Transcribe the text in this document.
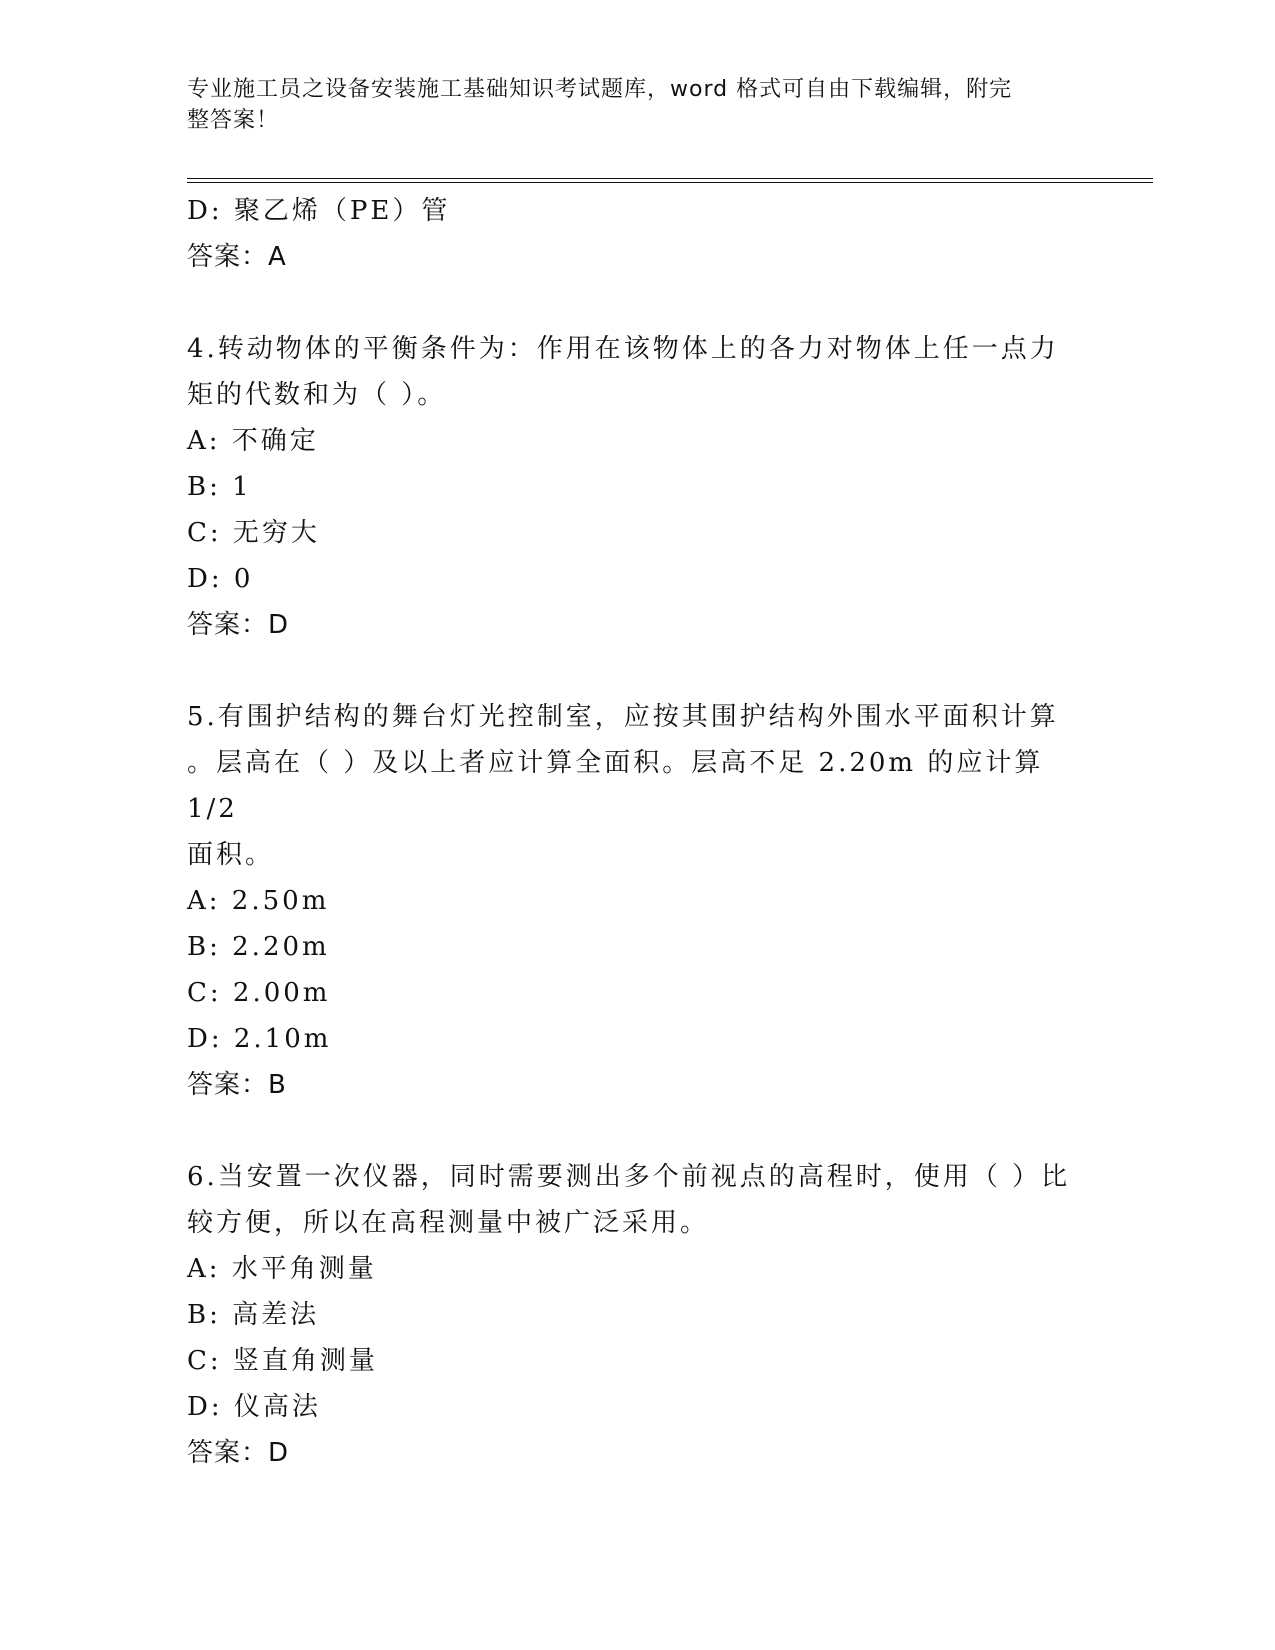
专业施工员之设备安装施工基础知识考试题库，word 格式可自由下载编辑，附完
整答案！
D: 聚乙烯（PE）管
答案：A
4.转动物体的平衡条件为：作用在该物体上的各力对物体上任一点力
矩的代数和为（ ）。
A: 不确定
B: 1
C: 无穷大
D: 0
答案：D
5.有围护结构的舞台灯光控制室，应按其围护结构外围水平面积计算
。层高在（ ）及以上者应计算全面积。层高不足 2.20m 的应计算 1/2
面积。
A: 2.50m
B: 2.20m
C: 2.00m
D: 2.10m
答案：B
6.当安置一次仪器，同时需要测出多个前视点的高程时，使用（ ）比
较方便，所以在高程测量中被广泛采用。
A: 水平角测量
B: 高差法
C: 竖直角测量
D: 仪高法
答案：D
